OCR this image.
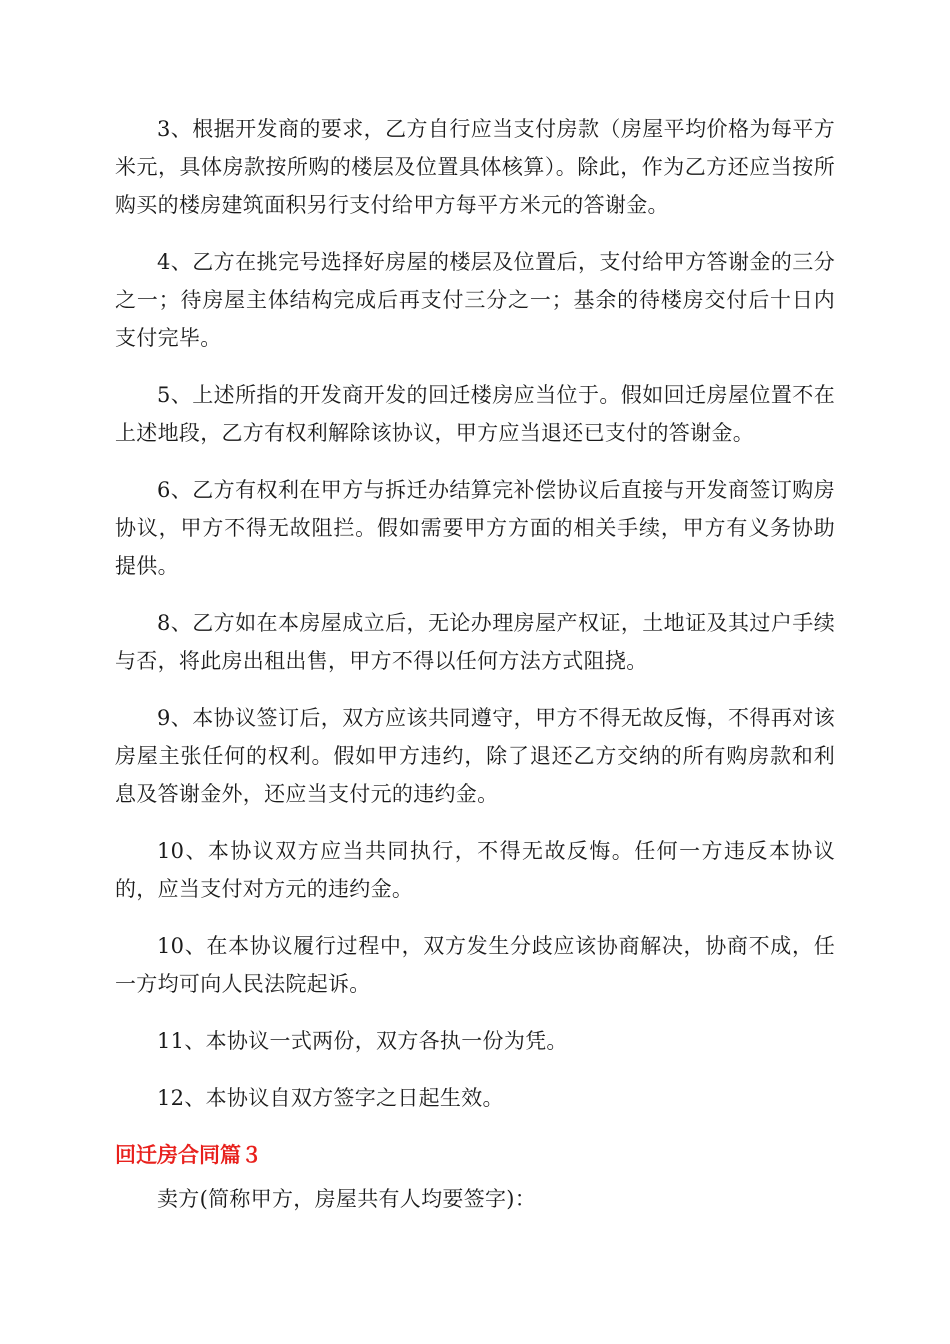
3、根据开发商的要求，乙方自行应当支付房款（房屋平均价格为每平方米元，具体房款按所购的楼层及位置具体核算）。除此，作为乙方还应当按所购买的楼房建筑面积另行支付给甲方每平方米元的答谢金。

4、乙方在挑完号选择好房屋的楼层及位置后，支付给甲方答谢金的三分之一；待房屋主体结构完成后再支付三分之一；基余的待楼房交付后十日内支付完毕。

5、上述所指的开发商开发的回迁楼房应当位于。假如回迁房屋位置不在上述地段，乙方有权利解除该协议，甲方应当退还已支付的答谢金。

6、乙方有权利在甲方与拆迁办结算完补偿协议后直接与开发商签订购房协议，甲方不得无故阻拦。假如需要甲方方面的相关手续，甲方有义务协助提供。

8、乙方如在本房屋成立后，无论办理房屋产权证，土地证及其过户手续与否，将此房出租出售，甲方不得以任何方法方式阻挠。

9、本协议签订后，双方应该共同遵守，甲方不得无故反悔，不得再对该房屋主张任何的权利。假如甲方违约，除了退还乙方交纳的所有购房款和利息及答谢金外，还应当支付元的违约金。

10、本协议双方应当共同执行，不得无故反悔。任何一方违反本协议的，应当支付对方元的违约金。

10、在本协议履行过程中，双方发生分歧应该协商解决，协商不成，任一方均可向人民法院起诉。

11、本协议一式两份，双方各执一份为凭。

12、本协议自双方签字之日起生效。

回迁房合同篇３

卖方(简称甲方，房屋共有人均要签字)：
